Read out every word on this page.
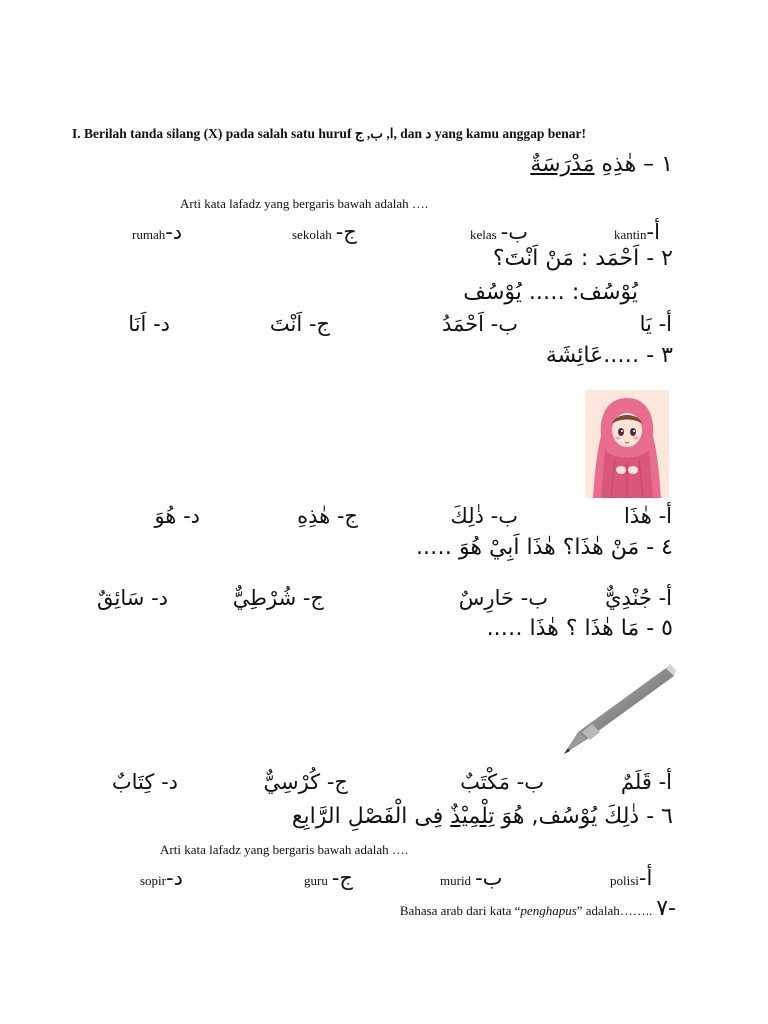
I. Berilah tanda silang (X) pada salah satu huruf ا, ب, ج, dan د yang kamu anggap benar!
١ – هٰذِهِ مَدْرَسَةٌ
Arti kata lafadz yang bergaris bawah adalah ….
kantinأ-
kelas ب-
sekolah ج-
rumahد-
٢ - اَحْمَد : مَنْ اَنْتَ؟
يُوْسُف: ….. يُوْسُف
أ- يَا
ب- اَحْمَدُ
ج- اَنْتَ
د- اَنَا
٣ - …..عَائِشَة
أ- هٰذَا
ب- ذٰلِكَ
ج- هٰذِهِ
د- هُوَ
٤ - مَنْ هٰذَا؟ هٰذَا اَبِيْ هُوَ …..
أ- جُنْدِيٌّ
ب- حَارِسٌ
ج- شُرْطِيٌّ
د- سَائِقٌ
٥ - مَا هٰذَا ؟ هٰذَا …..
أ- قَلَمٌ
ب- مَكْتَبٌ
ج- كُرْسِيٌّ
د- كِتَابٌ
٦ - ذٰلِكَ يُوْسُف, هُوَ تِلْمِيْذٌ فِى الْفَصْلِ الرَّابِع
Arti kata lafadz yang bergaris bawah adalah ….
polisiأ-
murid ب-
guru ج-
sopirد-
Bahasa arab dari kata “penghapus” adalah…….. ٧-
